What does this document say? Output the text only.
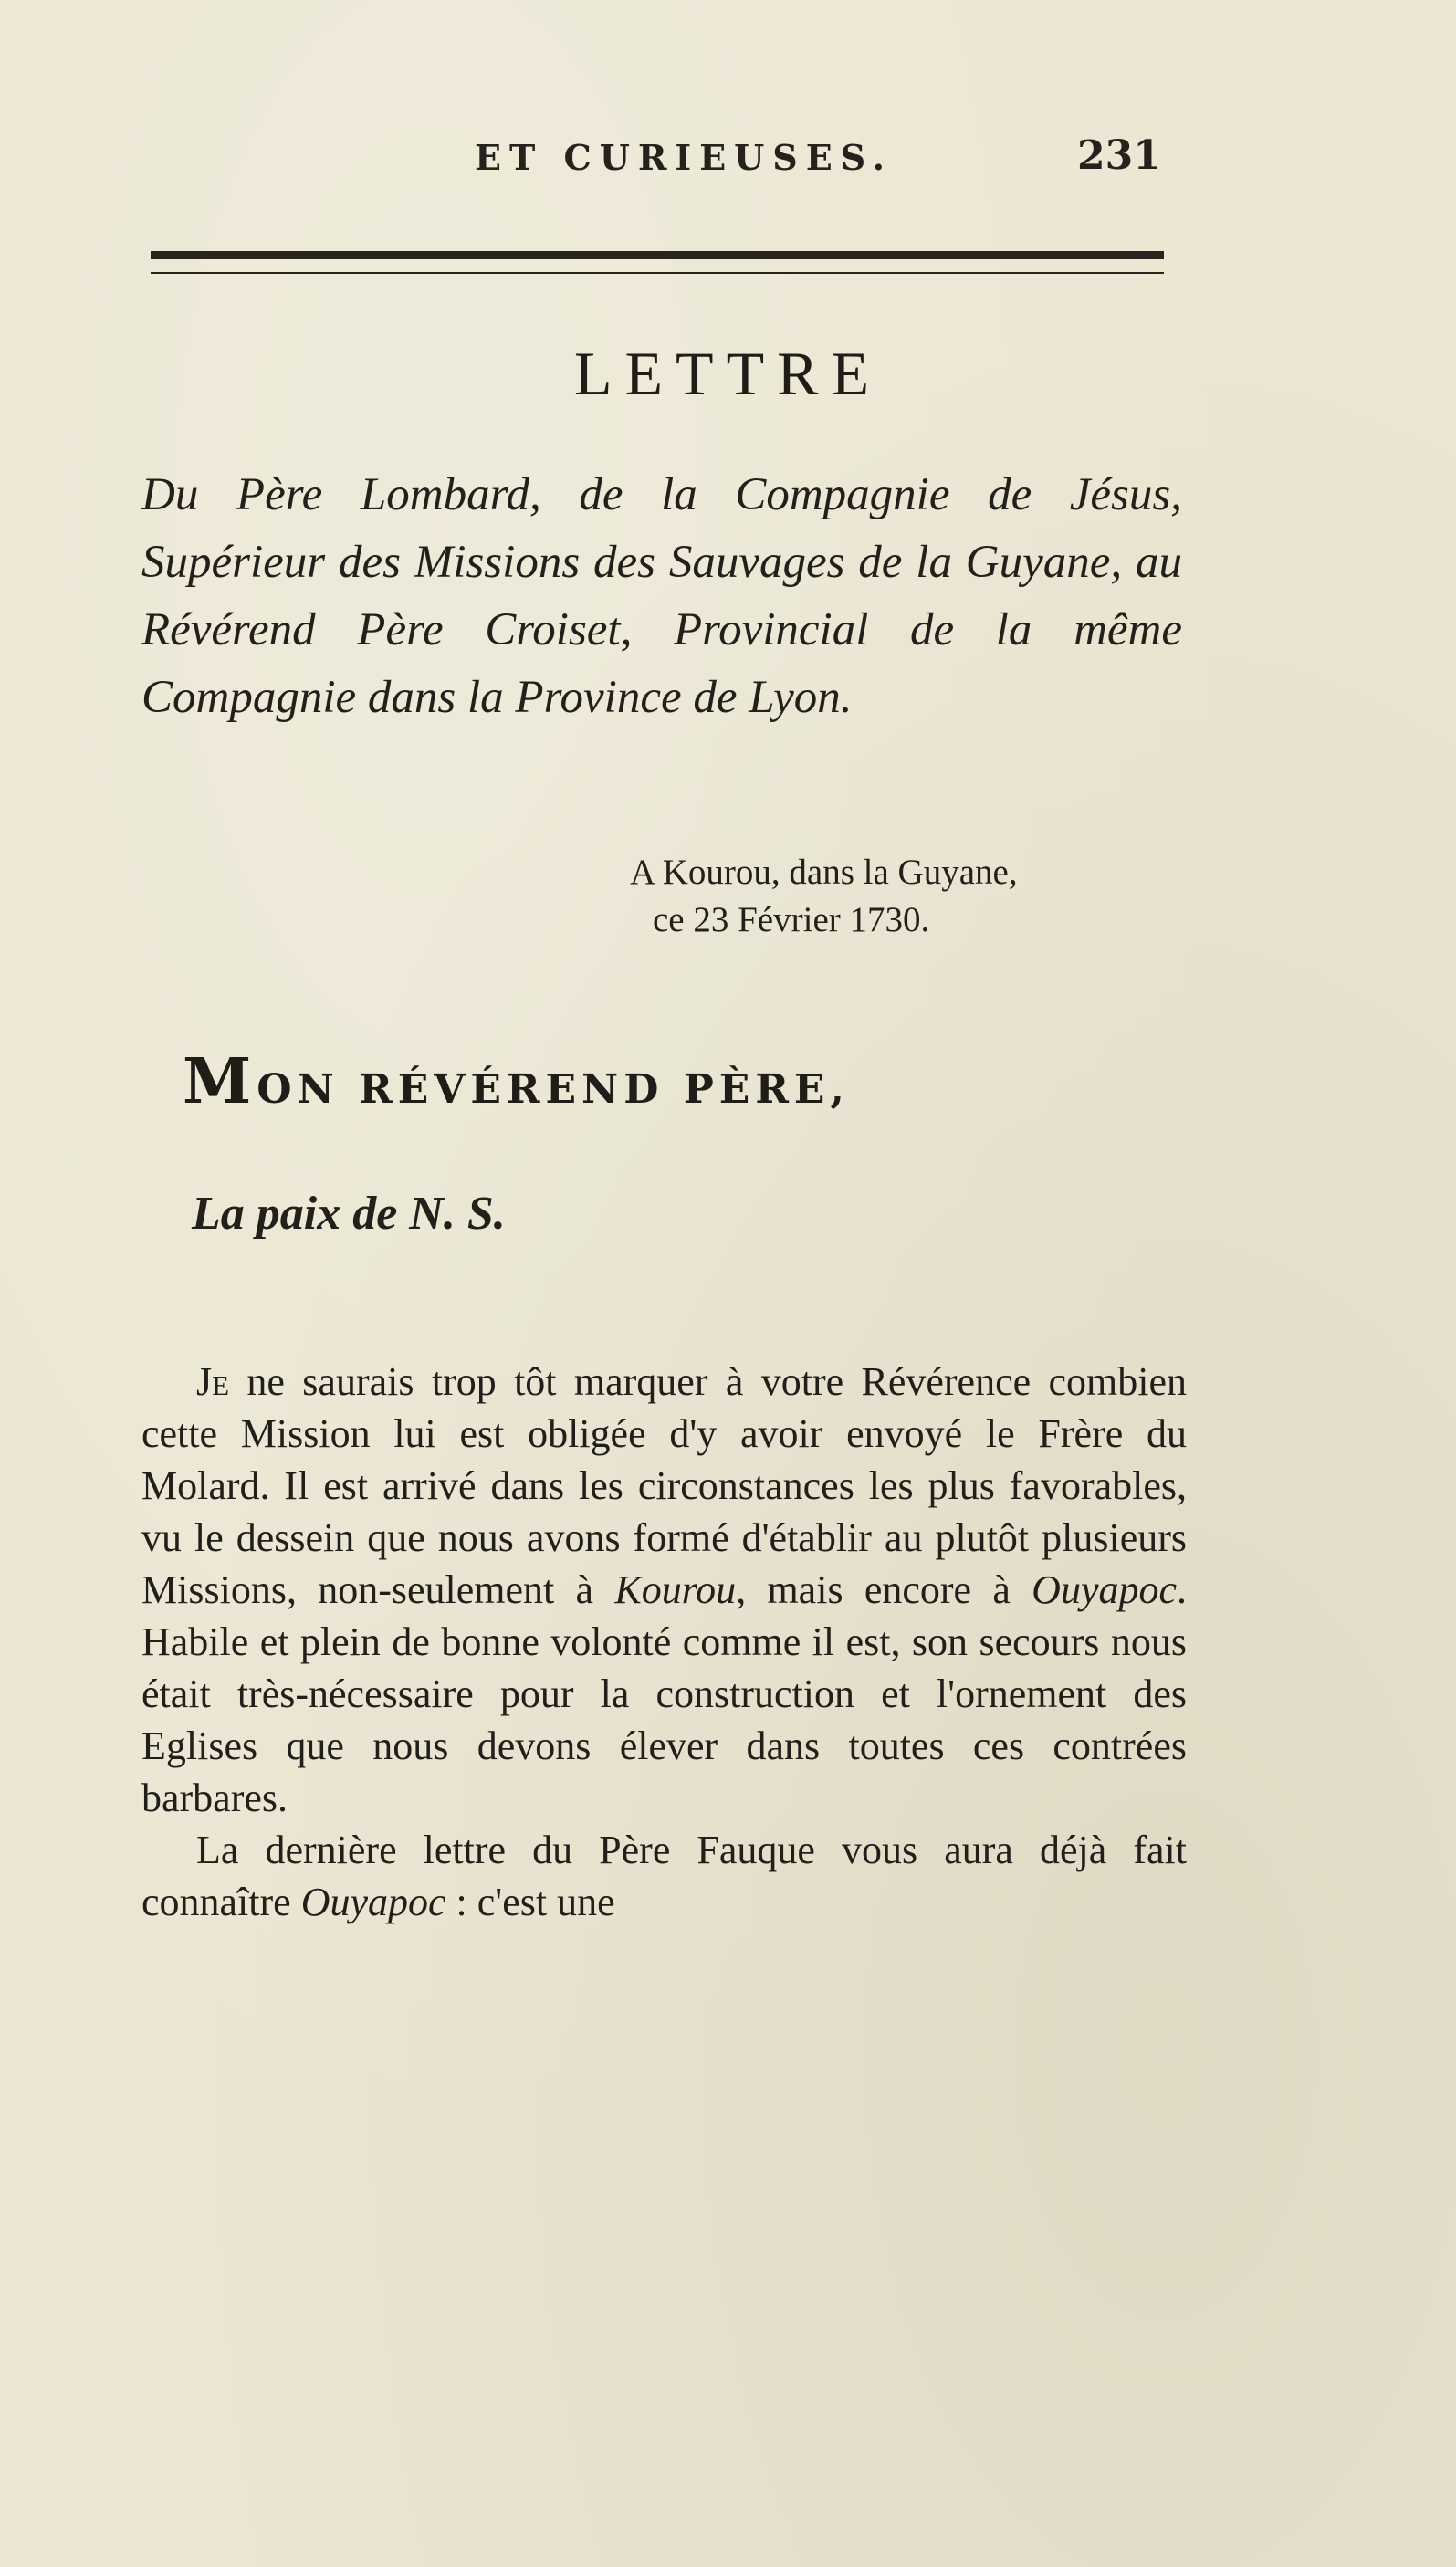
ET CURIEUSES.	231
LETTRE
Du Père Lombard, de la Compagnie de Jésus, Supérieur des Missions des Sauvages de la Guyane, au Révérend Père Croiset, Provincial de la même Compagnie dans la Province de Lyon.
A Kourou, dans la Guyane,
ce 23 Février 1730.
MON RÉVÉREND PÈRE,
La paix de N. S.

Je ne saurais trop tôt marquer à votre Révérence combien cette Mission lui est obligée d'y avoir envoyé le Frère du Molard. Il est arrivé dans les circonstances les plus favorables, vu le dessein que nous avons formé d'établir au plutôt plusieurs Missions, non-seulement à Kourou, mais encore à Ouyapoc. Habile et plein de bonne volonté comme il est, son secours nous était très-nécessaire pour la construction et l'ornement des Eglises que nous devons élever dans toutes ces contrées barbares.

La dernière lettre du Père Fauque vous aura déjà fait connaître Ouyapoc : c'est une
